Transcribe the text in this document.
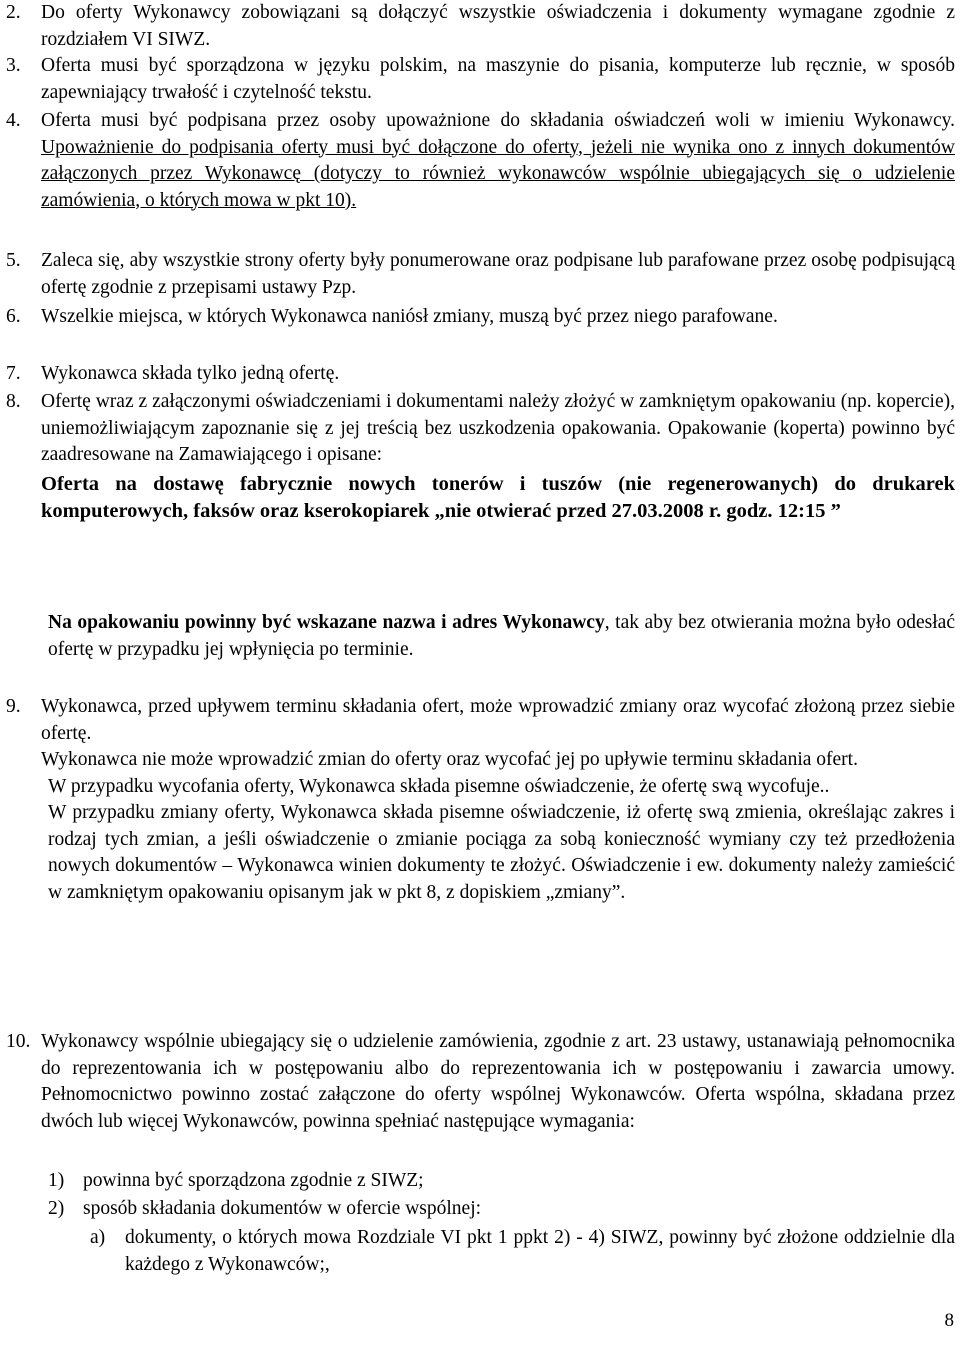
2.	Do oferty Wykonawcy zobowiązani są dołączyć wszystkie oświadczenia i dokumenty wymagane zgodnie z rozdziałem VI SIWZ.
3.	Oferta musi być sporządzona w języku polskim, na maszynie do pisania, komputerze lub ręcznie, w sposób zapewniający trwałość i czytelność tekstu.
4.	Oferta musi być podpisana przez osoby upoważnione do składania oświadczeń woli w imieniu Wykonawcy. Upoważnienie do podpisania oferty musi być dołączone do oferty, jeżeli nie wynika ono z innych dokumentów załączonych przez Wykonawcę (dotyczy to również wykonawców wspólnie ubiegających się o udzielenie zamówienia, o których mowa w pkt 10).
5.	Zaleca się, aby wszystkie strony oferty były ponumerowane oraz podpisane lub parafowane przez osobę podpisującą ofertę zgodnie z przepisami ustawy Pzp.
6.	Wszelkie miejsca, w których Wykonawca naniósł zmiany, muszą być przez niego parafowane.
7.	Wykonawca składa tylko jedną ofertę.
8.	Ofertę wraz z załączonymi oświadczeniami i dokumentami należy złożyć w zamkniętym opakowaniu (np. kopercie), uniemożliwiającym zapoznanie się z jej treścią bez uszkodzenia opakowania. Opakowanie (koperta) powinno być zaadresowane na Zamawiającego i opisane:
Oferta na dostawę fabrycznie nowych tonerów i tuszów (nie regenerowanych) do drukarek komputerowych, faksów oraz kserokopiarek „nie otwierać przed 27.03.2008 r. godz. 12:15 ”
Na opakowaniu powinny być wskazane nazwa i adres Wykonawcy, tak aby bez otwierania można było odesłać ofertę w przypadku jej wpłynięcia po terminie.
9.	Wykonawca, przed upływem terminu składania ofert, może wprowadzić zmiany oraz wycofać złożoną przez siebie ofertę.
Wykonawca nie może wprowadzić zmian do oferty oraz wycofać jej po upływie terminu składania ofert.
W przypadku wycofania oferty, Wykonawca składa pisemne oświadczenie, że ofertę swą wycofuje..
W przypadku zmiany oferty, Wykonawca składa pisemne oświadczenie, iż ofertę swą zmienia, określając zakres i rodzaj tych zmian, a jeśli oświadczenie o zmianie pociąga za sobą konieczność wymiany czy też przedłożenia nowych dokumentów – Wykonawca winien dokumenty te złożyć. Oświadczenie i ew. dokumenty należy zamieścić w zamkniętym opakowaniu opisanym jak w pkt 8, z dopiskiem „zmiany”.
10. Wykonawcy wspólnie ubiegający się o udzielenie zamówienia, zgodnie z art. 23 ustawy, ustanawiają pełnomocnika do reprezentowania ich w postępowaniu albo do reprezentowania ich w postępowaniu i zawarcia umowy. Pełnomocnictwo powinno zostać załączone do oferty wspólnej Wykonawców. Oferta wspólna, składana przez dwóch lub więcej Wykonawców, powinna spełniać następujące wymagania:
1) powinna być sporządzona zgodnie z SIWZ;
2) sposób składania dokumentów w ofercie wspólnej:
a) dokumenty, o których mowa Rozdziale VI pkt 1 ppkt 2) - 4) SIWZ, powinny być złożone oddzielnie dla każdego z Wykonawców;,
8
